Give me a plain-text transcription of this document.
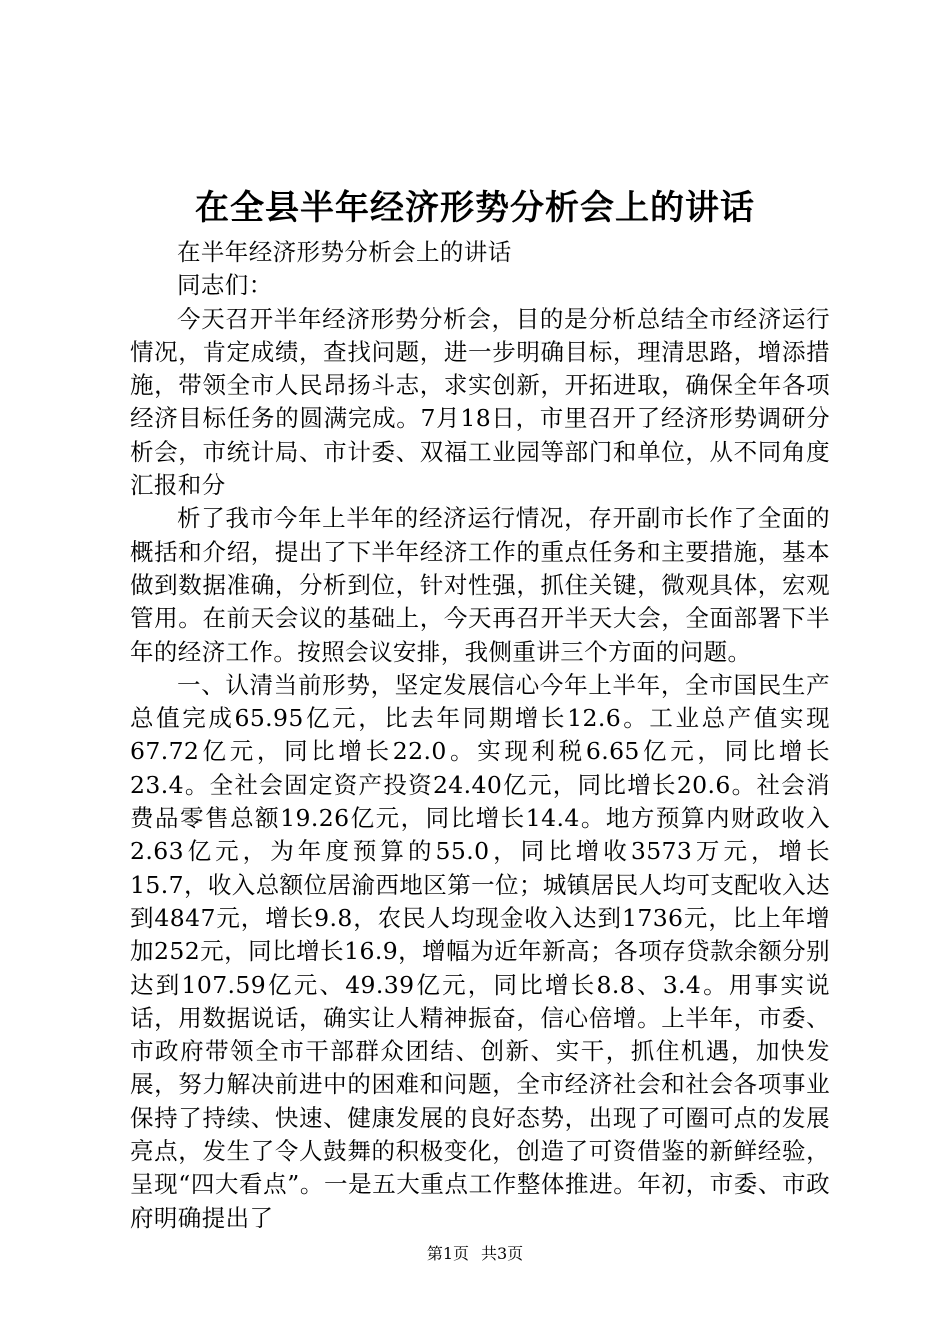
在全县半年经济形势分析会上的讲话

在半年经济形势分析会上的讲话

同志们：

今天召开半年经济形势分析会，目的是分析总结全市经济运行情况，肯定成绩，查找问题，进一步明确目标，理清思路，增添措施，带领全市人民昂扬斗志，求实创新，开拓进取，确保全年各项经济目标任务的圆满完成。7月18日，市里召开了经济形势调研分析会，市统计局、市计委、双福工业园等部门和单位，从不同角度汇报和分

析了我市今年上半年的经济运行情况，存开副市长作了全面的概括和介绍，提出了下半年经济工作的重点任务和主要措施，基本做到数据准确，分析到位，针对性强，抓住关键，微观具体，宏观管用。在前天会议的基础上，今天再召开半天大会，全面部署下半年的经济工作。按照会议安排，我侧重讲三个方面的问题。

一、认清当前形势，坚定发展信心今年上半年，全市国民生产总值完成65.95亿元，比去年同期增长12.6。工业总产值实现67.72亿元，同比增长22.0。实现利税6.65亿元，同比增长23.4。全社会固定资产投资24.40亿元，同比增长20.6。社会消费品零售总额19.26亿元，同比增长14.4。地方预算内财政收入2.63亿元，为年度预算的55.0，同比增收3573万元，增长15.7，收入总额位居渝西地区第一位；城镇居民人均可支配收入达到4847元，增长9.8，农民人均现金收入达到1736元，比上年增加252元，同比增长16.9，增幅为近年新高；各项存贷款余额分别达到107.59亿元、49.39亿元，同比增长8.8、3.4。用事实说话，用数据说话，确实让人精神振奋，信心倍增。上半年，市委、市政府带领全市干部群众团结、创新、实干，抓住机遇，加快发展，努力解决前进中的困难和问题，全市经济社会和社会各项事业保持了持续、快速、健康发展的良好态势，出现了可圈可点的发展亮点，发生了令人鼓舞的积极变化，创造了可资借鉴的新鲜经验，呈现“四大看点”。一是五大重点工作整体推进。年初，市委、市政府明确提出了

第1页 共3页
